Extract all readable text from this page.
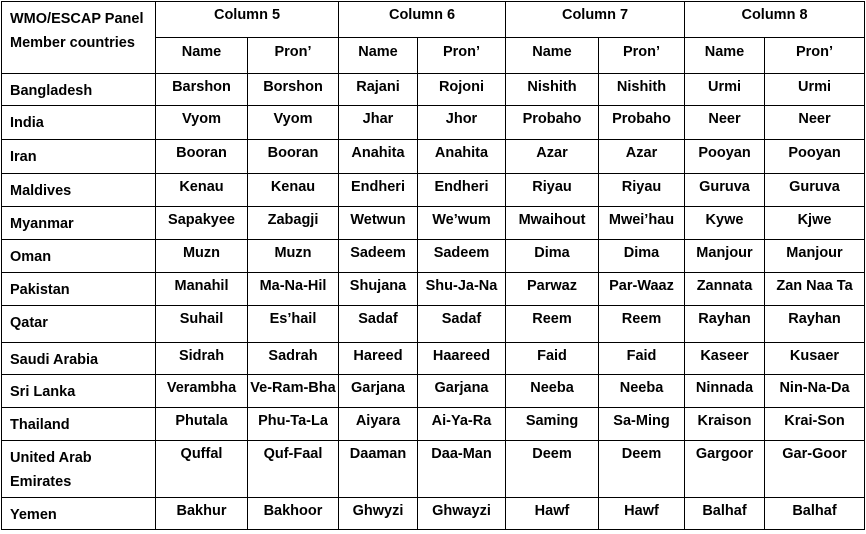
WMO/ESCAP Panel Member countries	Column 5		Column 6		Column 7		Column 8	
	Name	Pron’	Name	Pron’	Name	Pron’	Name	Pron’
Bangladesh	Barshon	Borshon	Rajani	Rojoni	Nishith	Nishith	Urmi	Urmi
India	Vyom	Vyom	Jhar	Jhor	Probaho	Probaho	Neer	Neer
Iran	Booran	Booran	Anahita	Anahita	Azar	Azar	Pooyan	Pooyan
Maldives	Kenau	Kenau	Endheri	Endheri	Riyau	Riyau	Guruva	Guruva
Myanmar	Sapakyee	Zabagji	Wetwun	We’wum	Mwaihout	Mwei’hau	Kywe	Kjwe
Oman	Muzn	Muzn	Sadeem	Sadeem	Dima	Dima	Manjour	Manjour
Pakistan	Manahil	Ma-Na-Hil	Shujana	Shu-Ja-Na	Parwaz	Par-Waaz	Zannata	Zan Naa Ta
Qatar	Suhail	Es’hail	Sadaf	Sadaf	Reem	Reem	Rayhan	Rayhan
Saudi Arabia	Sidrah	Sadrah	Hareed	Haareed	Faid	Faid	Kaseer	Kusaer
Sri Lanka	Verambha	Ve-Ram-Bha	Garjana	Garjana	Neeba	Neeba	Ninnada	Nin-Na-Da
Thailand	Phutala	Phu-Ta-La	Aiyara	Ai-Ya-Ra	Saming	Sa-Ming	Kraison	Krai-Son
United Arab Emirates	Quffal	Quf-Faal	Daaman	Daa-Man	Deem	Deem	Gargoor	Gar-Goor
Yemen	Bakhur	Bakhoor	Ghwyzi	Ghwayzi	Hawf	Hawf	Balhaf	Balhaf
